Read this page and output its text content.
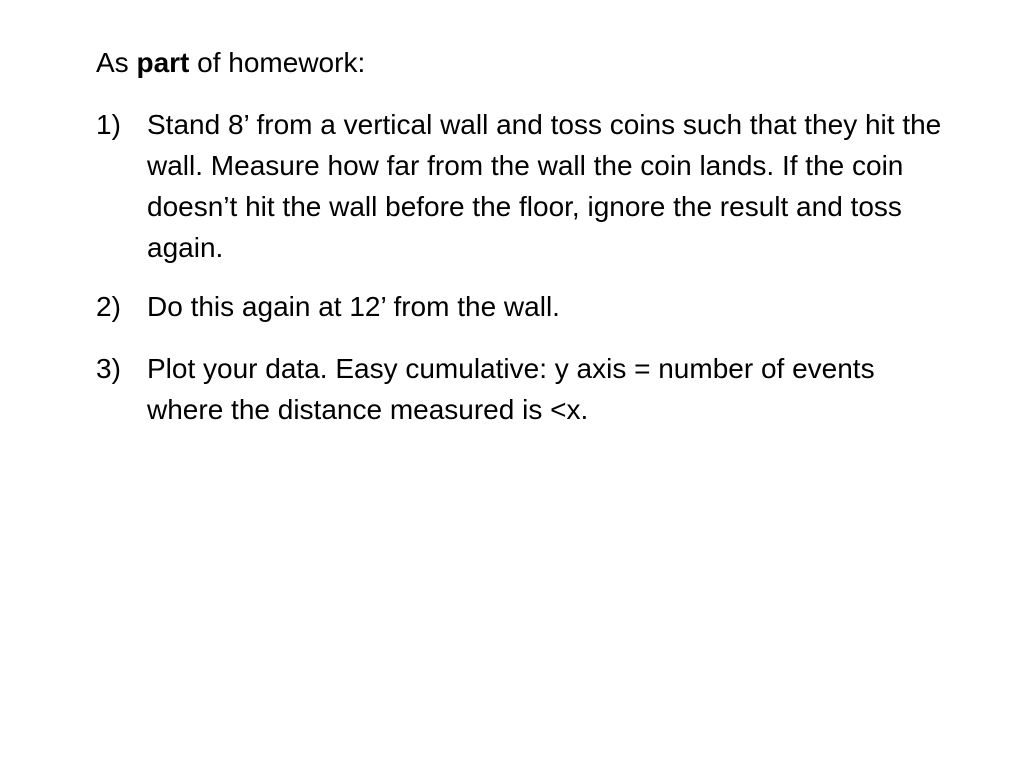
As part of homework:

1) Stand 8’ from a vertical wall and toss coins such that they hit the wall. Measure how far from the wall the coin lands. If the coin doesn’t hit the wall before the floor, ignore the result and toss again.
2) Do this again at 12’ from the wall.
3) Plot your data. Easy cumulative: y axis = number of events where the distance measured is <x.
